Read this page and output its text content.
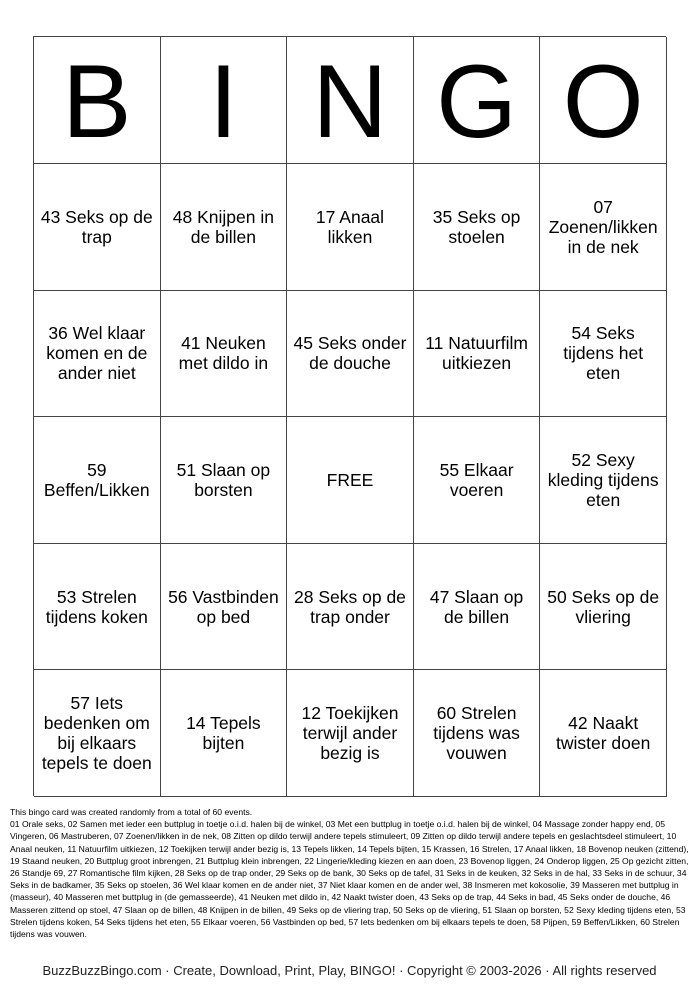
B I N G O
43 Seks op de trap
48 Knijpen in de billen
17 Anaal likken
35 Seks op stoelen
07 Zoenen/likken in de nek
36 Wel klaar komen en de ander niet
41 Neuken met dildo in
45 Seks onder de douche
11 Natuurfilm uitkiezen
54 Seks tijdens het eten
59 Beffen/Likken
51 Slaan op borsten	FREE	55 Elkaar voeren
52 Sexy kleding tijdens eten
53 Strelen tijdens koken
56 Vastbinden op bed
28 Seks op de trap onder
47 Slaan op de billen
50 Seks op de vliering
57 Iets bedenken om bij elkaars tepels te doen
14 Tepels bijten
12 Toekijken terwijl ander bezig is
60 Strelen tijdens was vouwen
42 Naakt twister doen

This bingo card was created randomly from a total of 60 events.

01 Orale seks, 02 Samen met ieder een buttplug in toetje o.i.d. halen bij de winkel, 03 Met een buttplug in toetje o.i.d. halen bij de winkel, 04 Massage zonder happy end, 05 Vingeren, 06 Mastruberen, 07 Zoenen/likken in de nek, 08 Zitten op dildo terwijl andere tepels stimuleert, 09 Zitten op dildo terwijl andere tepels en geslachtsdeel stimuleert, 10 Anaal neuken, 11 Natuurfilm uitkiezen, 12 Toekijken terwijl ander bezig is, 13 Tepels likken, 14 Tepels bijten, 15 Krassen, 16 Strelen, 17 Anaal likken, 18 Bovenop neuken (zittend), 19 Staand neuken, 20 Buttplug groot inbrengen, 21 Buttplug klein inbrengen, 22 Lingerie/kleding kiezen en aan doen, 23 Bovenop liggen, 24 Onderop liggen, 25 Op gezicht zitten, 26 Standje 69, 27 Romantische film kijken, 28 Seks op de trap onder, 29 Seks op de bank, 30 Seks op de tafel, 31 Seks in de keuken, 32 Seks in de hal, 33 Seks in de schuur, 34 Seks in de badkamer, 35 Seks op stoelen, 36 Wel klaar komen en de ander niet, 37 Niet klaar komen en de ander wel, 38 Insmeren met kokosolie, 39 Masseren met buttplug in (masseur), 40 Masseren met buttplug in (de gemasseerde), 41 Neuken met dildo in, 42 Naakt twister doen, 43 Seks op de trap, 44 Seks in bad, 45 Seks onder de douche, 46 Masseren zittend op stoel, 47 Slaan op de billen, 48 Knijpen in de billen, 49 Seks op de vliering trap, 50 Seks op de vliering, 51 Slaan op borsten, 52 Sexy kleding tijdens eten, 53 Strelen tijdens koken, 54 Seks tijdens het eten, 55 Elkaar voeren, 56 Vastbinden op bed, 57 Iets bedenken om bij elkaars tepels te doen, 58 Pijpen, 59 Beffen/Likken, 60 Strelen tijdens was vouwen.

BuzzBuzzBingo.com · Create, Download, Print, Play, BINGO! · Copyright © 2003-2026 · All rights reserved
